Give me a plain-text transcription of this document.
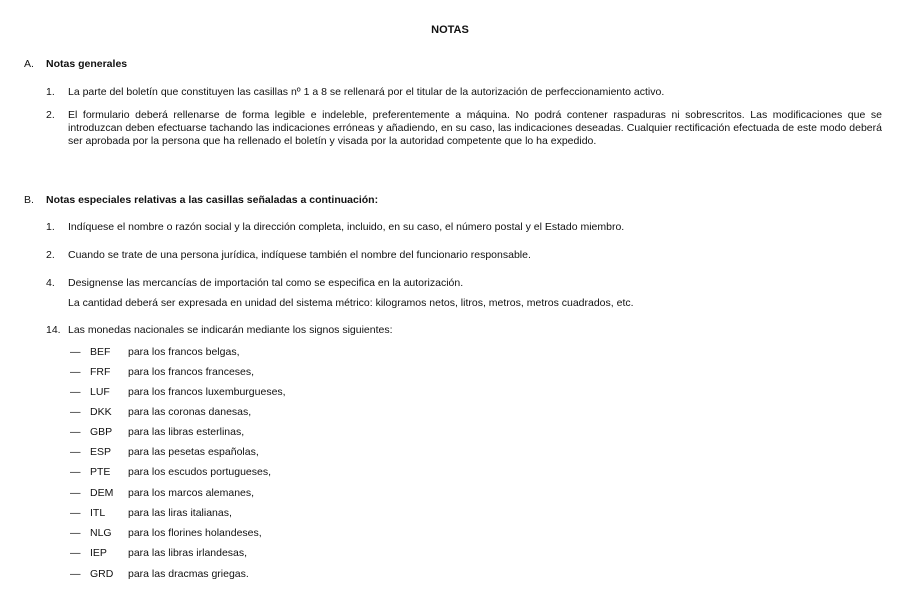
NOTAS
A. Notas generales
1. La parte del boletín que constituyen las casillas nº 1 a 8 se rellenará por el titular de la autorización de perfeccionamiento activo.
2. El formulario deberá rellenarse de forma legible e indeleble, preferentemente a máquina. No podrá contener raspaduras ni sobrescritos. Las modificaciones que se introduzcan deben efectuarse tachando las indicaciones erróneas y añadiendo, en su caso, las indicaciones deseadas. Cualquier rectificación efectuada de este modo deberá ser aprobada por la persona que ha rellenado el boletín y visada por la autoridad competente que lo ha expedido.
B. Notas especiales relativas a las casillas señaladas a continuación:
1. Indíquese el nombre o razón social y la dirección completa, incluido, en su caso, el número postal y el Estado miembro.
2. Cuando se trate de una persona jurídica, indíquese también el nombre del funcionario responsable.
4. Designense las mercancías de importación tal como se especifica en la autorización.
La cantidad deberá ser expresada en unidad del sistema métrico: kilogramos netos, litros, metros, metros cuadrados, etc.
14. Las monedas nacionales se indicarán mediante los signos siguientes:
— BEF para los francos belgas,
— FRF para los francos franceses,
— LUF para los francos luxemburgueses,
— DKK para las coronas danesas,
— GBP para las libras esterlinas,
— ESP para las pesetas españolas,
— PTE para los escudos portugueses,
— DEM para los marcos alemanes,
— ITL para las liras italianas,
— NLG para los florines holandeses,
— IEP para las libras irlandesas,
— GRD para las dracmas griegas.
